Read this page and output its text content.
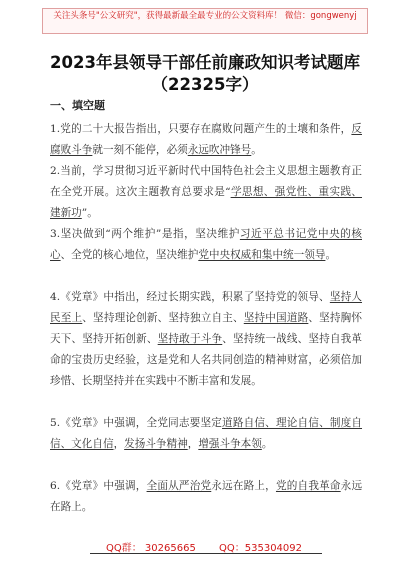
关注头条号"公文研究"，获得最新最全最专业的公文资料库！ 微信：gongwenyj
2023年县领导干部任前廉政知识考试题库
（22325字）
一、填空题
1.党的二十大报告指出，只要存在腐败问题产生的土壤和条件，反腐败斗争就一刻不能停，必须永远吹冲锋号。
2.当前，学习贯彻习近平新时代中国特色社会主义思想主题教育正在全党开展。这次主题教育总要求是“学思想、强党性、重实践、建新功”。
3.坚决做到“两个维护”是指，坚决维护习近平总书记党中央的核心、全党的核心地位，坚决维护党中央权威和集中统一领导。
4.《党章》中指出，经过长期实践，积累了坚持党的领导、坚持人民至上、坚持理论创新、坚持独立自主、坚持中国道路、坚持胸怀天下、坚持开拓创新、坚持敢于斗争、坚持统一战线、坚持自我革命的宝贵历史经验，这是党和人名共同创造的精神财富，必须倍加珍惜、长期坚持并在实践中不断丰富和发展。
5.《党章》中强调，全党同志要坚定道路自信、理论自信、制度自信、文化自信，发扬斗争精神，增强斗争本领。
6.《党章》中强调，全面从严治党永远在路上，党的自我革命永远在路上。
QQ群： 30265665 QQ：535304092
